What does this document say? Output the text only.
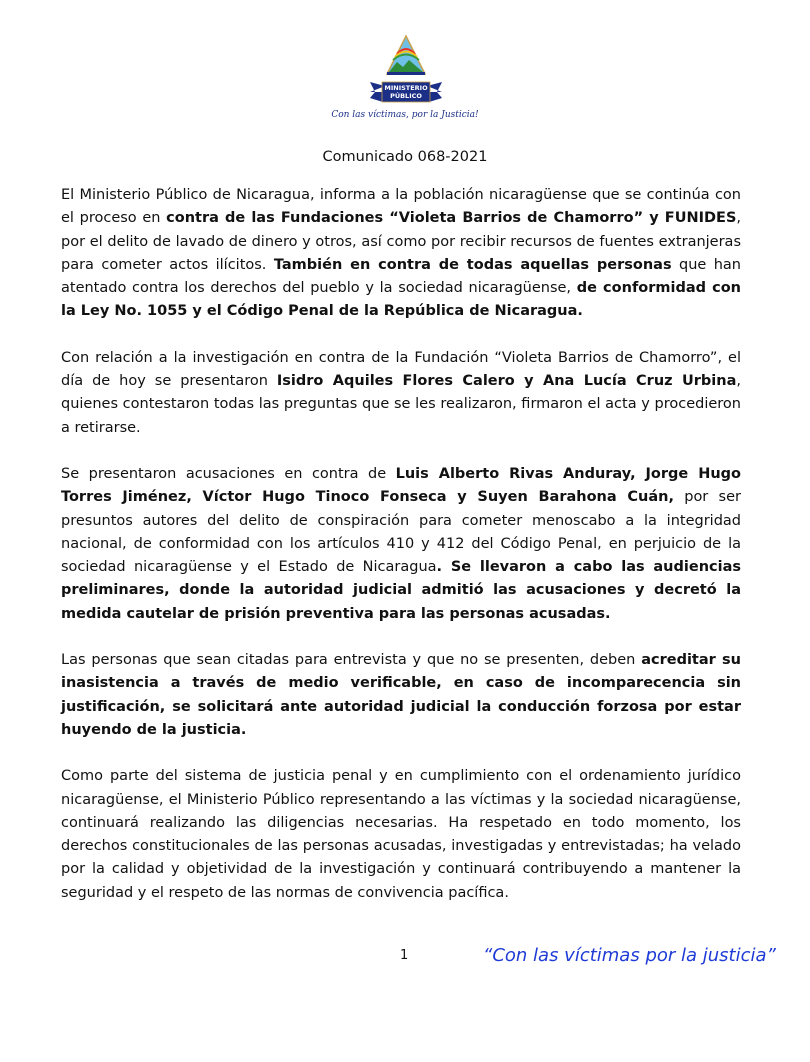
MINISTERIO
PÚBLICO
Con las víctimas, por la Justicia!
Comunicado 068-2021

El Ministerio Público de Nicaragua, informa a la población nicaragüense que se continúa con el proceso en contra de las Fundaciones “Violeta Barrios de Chamorro” y FUNIDES, por el delito de lavado de dinero y otros, así como por recibir recursos de fuentes extranjeras para cometer actos ilícitos. También en contra de todas aquellas personas que han atentado contra los derechos del pueblo y la sociedad nicaragüense, de conformidad con la Ley No. 1055 y el Código Penal de la República de Nicaragua.

Con relación a la investigación en contra de la Fundación “Violeta Barrios de Chamorro”, el día de hoy se presentaron Isidro Aquiles Flores Calero y Ana Lucía Cruz Urbina, quienes contestaron todas las preguntas que se les realizaron, firmaron el acta y procedieron a retirarse.

Se presentaron acusaciones en contra de Luis Alberto Rivas Anduray, Jorge Hugo Torres Jiménez, Víctor Hugo Tinoco Fonseca y Suyen Barahona Cuán, por ser presuntos autores del delito de conspiración para cometer menoscabo a la integridad nacional, de conformidad con los artículos 410 y 412 del Código Penal, en perjuicio de la sociedad nicaragüense y el Estado de Nicaragua. Se llevaron a cabo las audiencias preliminares, donde la autoridad judicial admitió las acusaciones y decretó la medida cautelar de prisión preventiva para las personas acusadas.

Las personas que sean citadas para entrevista y que no se presenten, deben acreditar su inasistencia a través de medio verificable, en caso de incomparecencia sin justificación, se solicitará ante autoridad judicial la conducción forzosa por estar huyendo de la justicia.

Como parte del sistema de justicia penal y en cumplimiento con el ordenamiento jurídico nicaragüense, el Ministerio Público representando a las víctimas y la sociedad nicaragüense, continuará realizando las diligencias necesarias. Ha respetado en todo momento, los derechos constitucionales de las personas acusadas, investigadas y entrevistadas; ha velado por la calidad y objetividad de la investigación y continuará contribuyendo a mantener la seguridad y el respeto de las normas de convivencia pacífica.

1	“Con las víctimas por la justicia”
